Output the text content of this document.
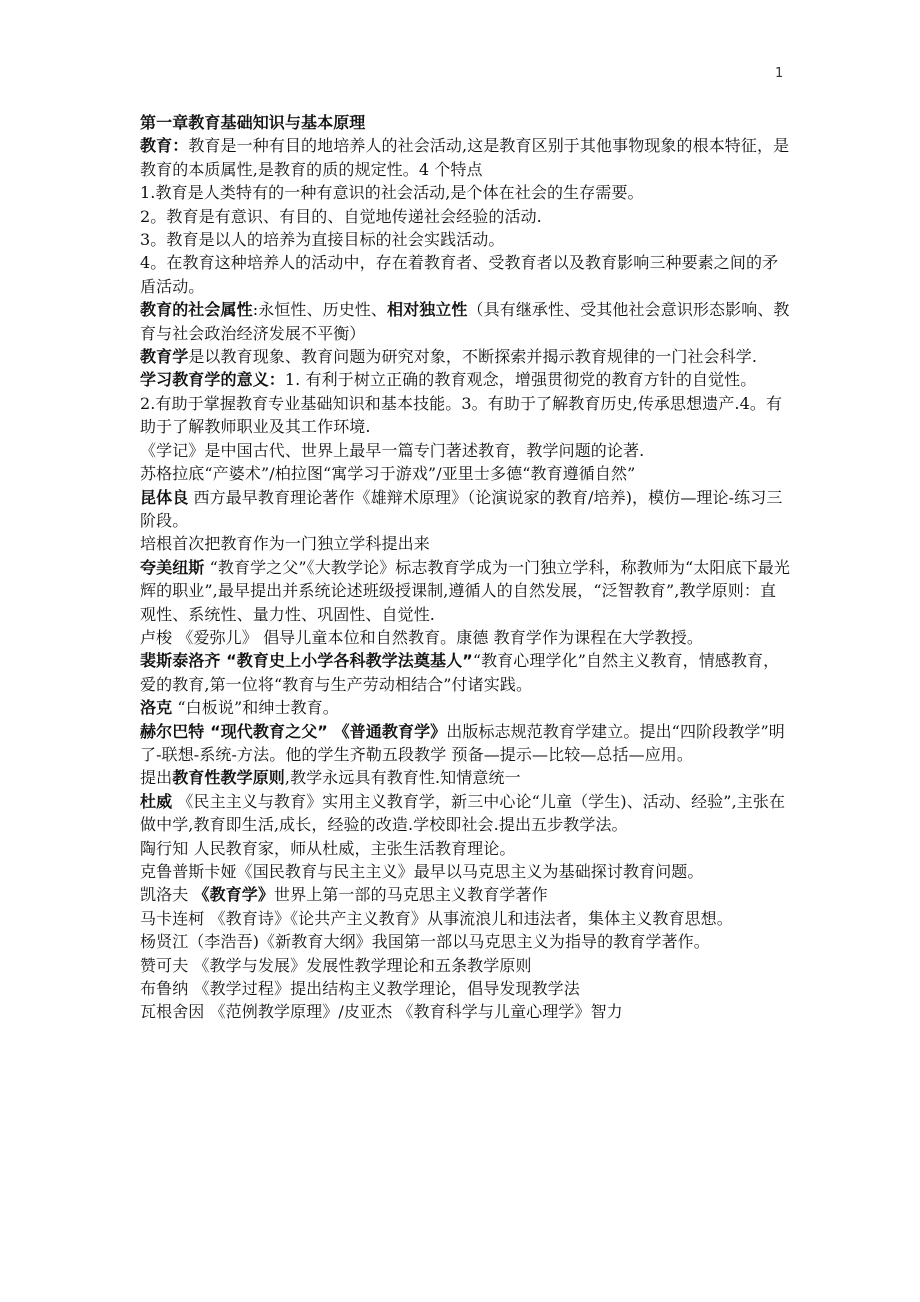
1

第一章教育基础知识与基本原理

教育：教育是一种有目的地培养人的社会活动,这是教育区别于其他事物现象的根本特征，是教育的本质属性,是教育的质的规定性。4 个特点

1.教育是人类特有的一种有意识的社会活动,是个体在社会的生存需要。

2。教育是有意识、有目的、自觉地传递社会经验的活动.

3。教育是以人的培养为直接目标的社会实践活动。

4。在教育这种培养人的活动中，存在着教育者、受教育者以及教育影响三种要素之间的矛盾活动。

教育的社会属性:永恒性、历史性、相对独立性（具有继承性、受其他社会意识形态影响、教育与社会政治经济发展不平衡）

教育学是以教育现象、教育问题为研究对象，不断探索并揭示教育规律的一门社会科学.

学习教育学的意义：1. 有利于树立正确的教育观念，增强贯彻党的教育方针的自觉性。

2.有助于掌握教育专业基础知识和基本技能。3。有助于了解教育历史,传承思想遗产.4。有助于了解教师职业及其工作环境.

《学记》是中国古代、世界上最早一篇专门著述教育，教学问题的论著.

苏格拉底“产婆术”/柏拉图“寓学习于游戏”/亚里士多德“教育遵循自然”

昆体良 西方最早教育理论著作《雄辩术原理》（论演说家的教育/培养)，模仿—理论-练习三阶段。

培根首次把教育作为一门独立学科提出来

夸美纽斯 “教育学之父”《大教学论》标志教育学成为一门独立学科，称教师为“太阳底下最光辉的职业”,最早提出并系统论述班级授课制,遵循人的自然发展，“泛智教育”,教学原则：直观性、系统性、量力性、巩固性、自觉性.

卢梭 《爱弥儿》 倡导儿童本位和自然教育。康德 教育学作为课程在大学教授。

裴斯泰洛齐 “教育史上小学各科教学法奠基人”“教育心理学化”自然主义教育，情感教育，爱的教育,第一位将“教育与生产劳动相结合”付诸实践。

洛克 “白板说”和绅士教育。

赫尔巴特 “现代教育之父” 《普通教育学》出版标志规范教育学建立。提出“四阶段教学”明了-联想-系统-方法。他的学生齐勒五段教学 预备—提示—比较—总括—应用。

提出教育性教学原则,教学永远具有教育性.知情意统一

杜威 《民主主义与教育》实用主义教育学，新三中心论“儿童（学生)、活动、经验”,主张在做中学,教育即生活,成长，经验的改造.学校即社会.提出五步教学法。

陶行知 人民教育家，师从杜威，主张生活教育理论。

克鲁普斯卡娅《国民教育与民主主义》最早以马克思主义为基础探讨教育问题。

凯洛夫 《教育学》世界上第一部的马克思主义教育学著作

马卡连柯 《教育诗》《论共产主义教育》从事流浪儿和违法者，集体主义教育思想。

杨贤江（李浩吾)《新教育大纲》我国第一部以马克思主义为指导的教育学著作。

赞可夫 《教学与发展》发展性教学理论和五条教学原则

布鲁纳 《教学过程》提出结构主义教学理论，倡导发现教学法

瓦根舍因 《范例教学原理》/皮亚杰 《教育科学与儿童心理学》智力
